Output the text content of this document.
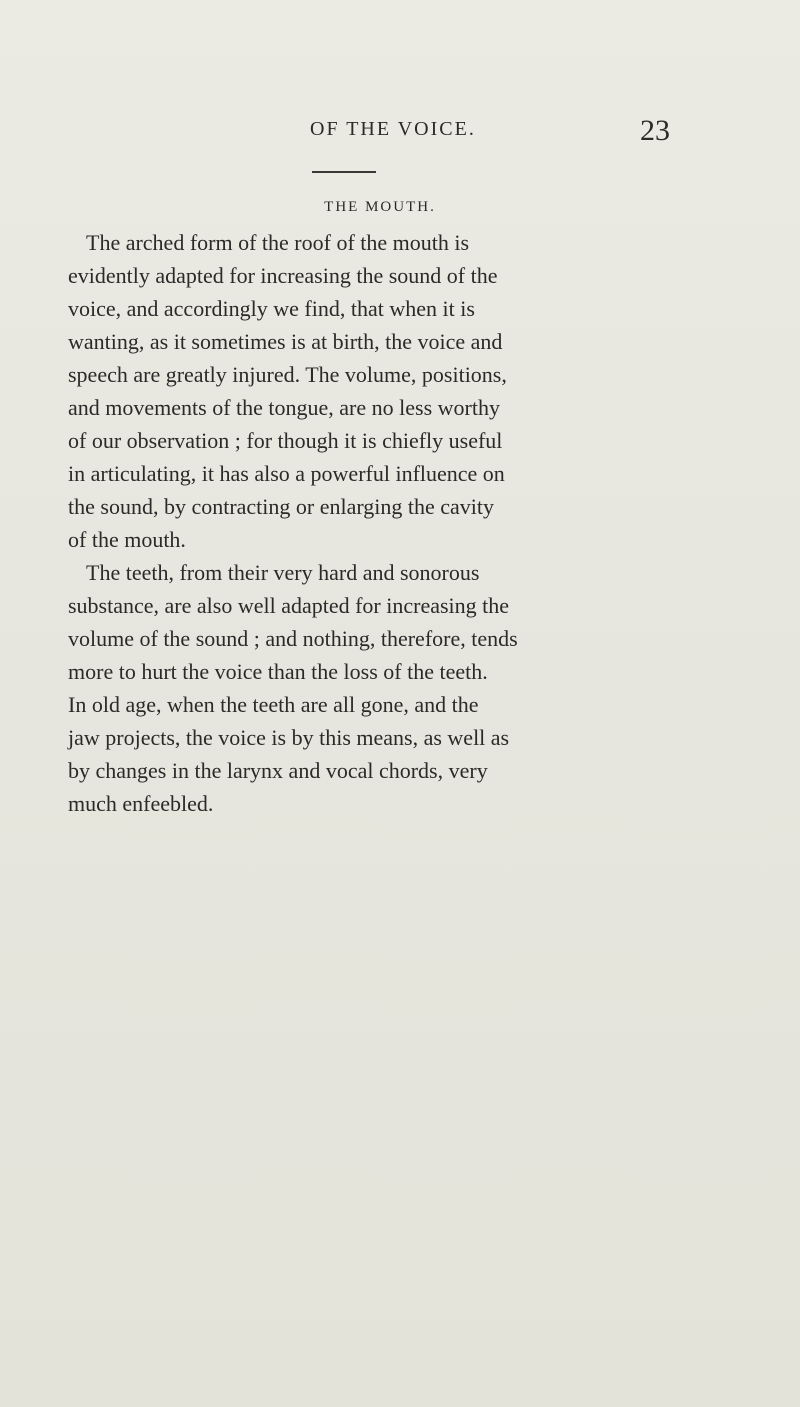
OF THE VOICE.	23
THE MOUTH.

The arched form of the roof of the mouth is
evidently adapted for increasing the sound of the
voice, and accordingly we find, that when it is
wanting, as it sometimes is at birth, the voice and
speech are greatly injured. The volume, positions,
and movements of the tongue, are no less worthy
of our observation ; for though it is chiefly useful
in articulating, it has also a powerful influence on
the sound, by contracting or enlarging the cavity
of the mouth.
The teeth, from their very hard and sonorous
substance, are also well adapted for increasing the
volume of the sound ; and nothing, therefore, tends
more to hurt the voice than the loss of the teeth.
In old age, when the teeth are all gone, and the
jaw projects, the voice is by this means, as well as
by changes in the larynx and vocal chords, very
much enfeebled.
